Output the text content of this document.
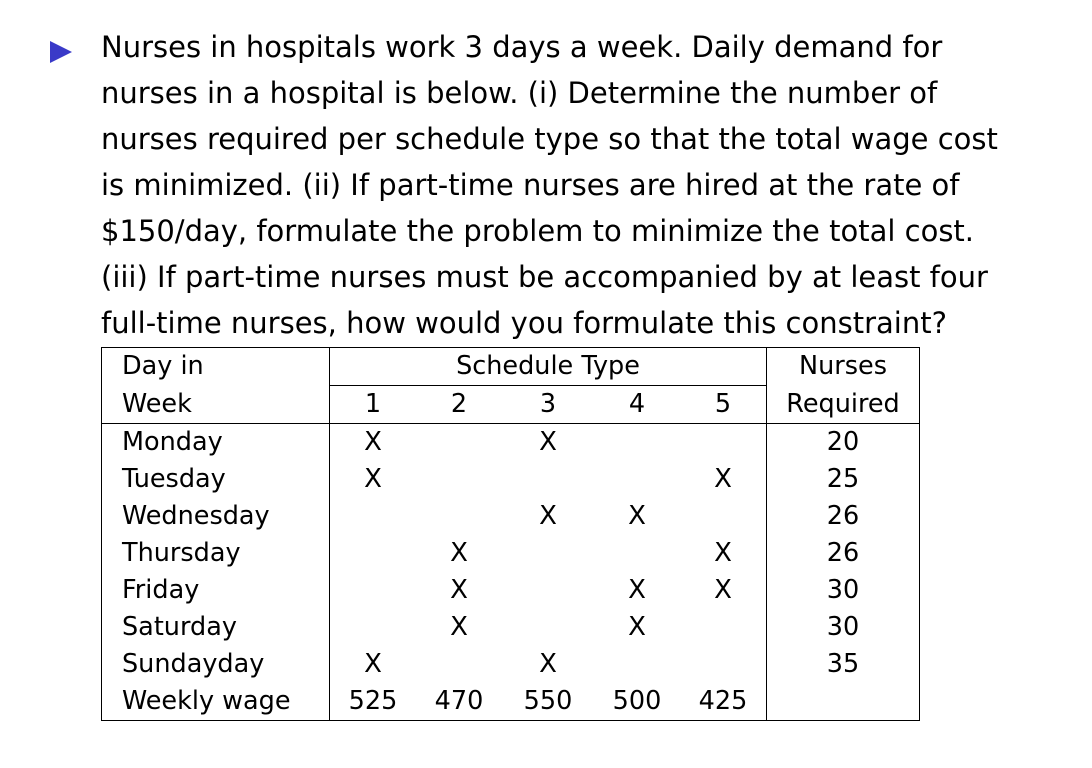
Nurses in hospitals work 3 days a week. Daily demand for
nurses in a hospital is below. (i) Determine the number of
nurses required per schedule type so that the total wage cost
is minimized. (ii) If part-time nurses are hired at the rate of
$150/day, formulate the problem to minimize the total cost.
(iii) If part-time nurses must be accompanied by at least four
full-time nurses, how would you formulate this constraint?

Day in	Schedule Type					Nurses
Week	1	2	3	4	5	Required
Monday	X		X			20
Tuesday	X				X	25
Wednesday			X	X		26
Thursday		X			X	26
Friday		X		X	X	30
Saturday		X		X		30
Sundayday	X		X			35
Weekly wage	525	470	550	500	425	
